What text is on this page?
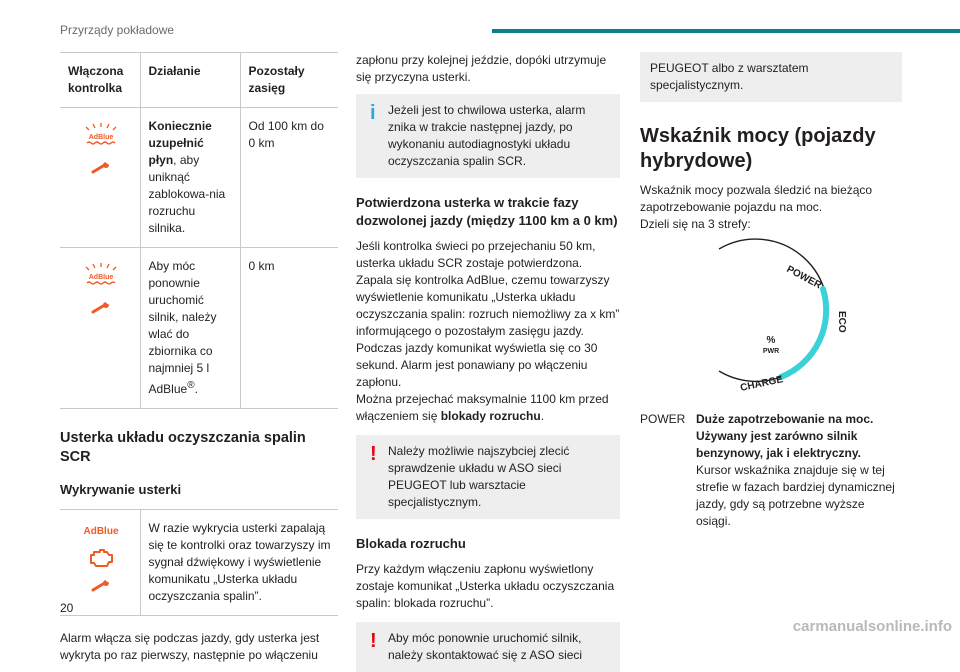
Przyrządy pokładowe
Włączona kontrolka	Działanie	Pozostały zasięg

AdBlue	Koniecznie uzupełnić płyn, aby uniknąć zablokowa-nia rozruchu silnika.	Od 100 km do 0 km

AdBlue	Aby móc ponownie uruchomić silnik, należy wlać do zbiornika co najmniej 5 l AdBlue®.	0 km
Usterka układu oczyszczania spalin SCR
Wykrywanie usterki
AdBlue	W razie wykrycia usterki zapalają się te kontrolki oraz towarzyszy im sygnał dźwiękowy i wyświetlenie komunikatu „Usterka układu oczyszczania spalin”.

Alarm włącza się podczas jazdy, gdy usterka jest wykryta po raz pierwszy, następnie po włączeniu

zapłonu przy kolejnej jeździe, dopóki utrzymuje się przyczyna usterki.

i	Jeżeli jest to chwilowa usterka, alarm znika w trakcie następnej jazdy, po wykonaniu autodiagnostyki układu oczyszczania spalin SCR.
Potwierdzona usterka w trakcie fazy dozwolonej jazdy (między 1100 km a 0 km)

Jeśli kontrolka świeci po przejechaniu 50 km, usterka układu SCR zostaje potwierdzona. Zapala się kontrolka AdBlue, czemu towarzyszy wyświetlenie komunikatu „Usterka układu oczyszczania spalin: rozruch niemożliwy za x km” informującego o pozostałym zasięgu jazdy. Podczas jazdy komunikat wyświetla się co 30 sekund. Alarm jest ponawiany po włączeniu zapłonu.

Można przejechać maksymalnie 1100 km przed włączeniem się blokady rozruchu.

! Należy możliwie najszybciej zlecić sprawdzenie układu w ASO sieci PEUGEOT lub warsztacie specjalistycznym.
Blokada rozruchu

Przy każdym włączeniu zapłonu wyświetlony zostaje komunikat „Usterka układu oczyszczania spalin: blokada rozruchu”.

! Aby móc ponownie uruchomić silnik, należy skontaktować się z ASO sieci
PEUGEOT albo z warsztatem specjalistycznym.
Wskaźnik mocy (pojazdy hybrydowe)

Wskaźnik mocy pozwala śledzić na bieżąco zapotrzebowanie pojazdu na moc.

Dzieli się na 3 strefy:

POWER
ECO
CHARGE
%
PWR
POWER Duże zapotrzebowanie na moc. Używany jest zarówno silnik benzynowy, jak i elektryczny.
Kursor wskaźnika znajduje się w tej strefie w fazach bardziej dynamicznej jazdy, gdy są potrzebne wyższe osiągi.
20
carmanualsonline.info
